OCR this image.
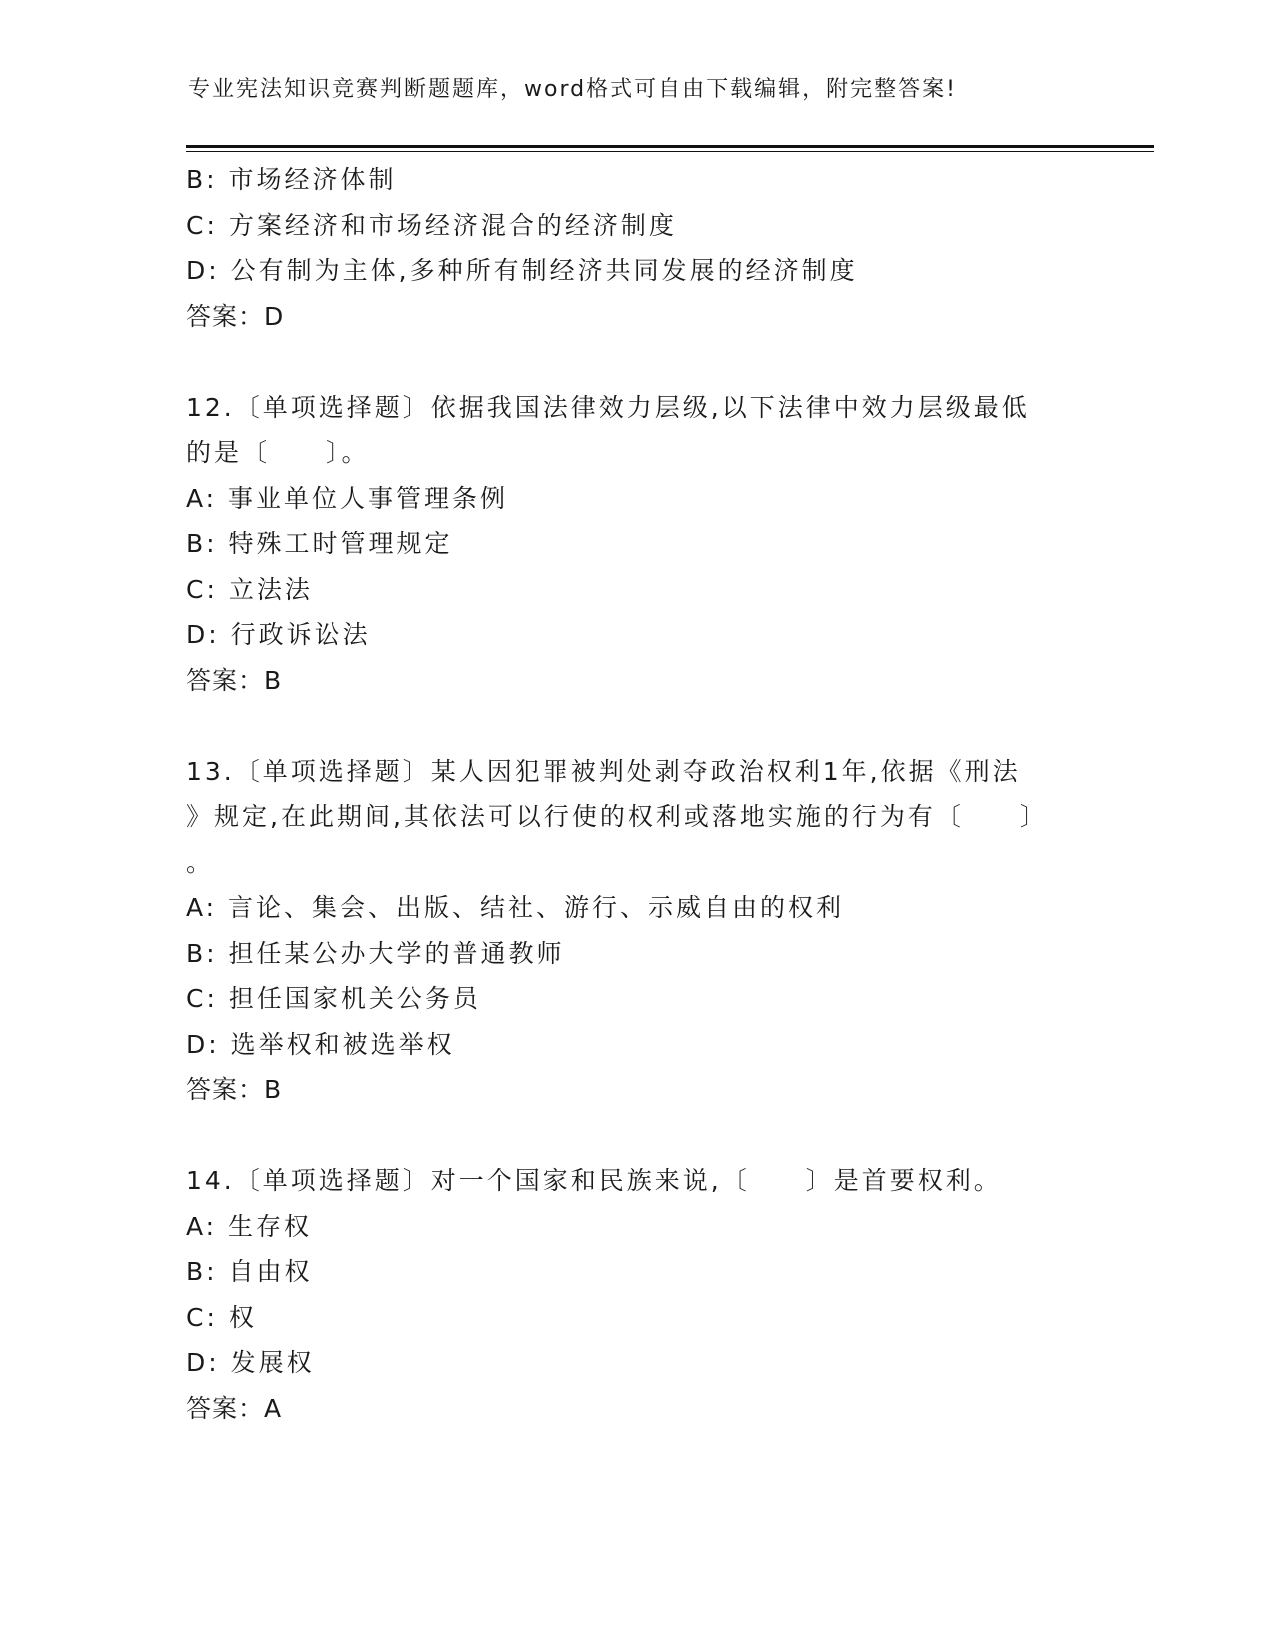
专业宪法知识竞赛判断题题库，word格式可自由下载编辑，附完整答案!
B: 市场经济体制
C: 方案经济和市场经济混合的经济制度
D: 公有制为主体,多种所有制经济共同发展的经济制度
答案：D
12.〔单项选择题〕依据我国法律效力层级,以下法律中效力层级最低
的是〔　　〕。
A: 事业单位人事管理条例
B: 特殊工时管理规定
C: 立法法
D: 行政诉讼法
答案：B
13.〔单项选择题〕某人因犯罪被判处剥夺政治权利1年,依据《刑法
》规定,在此期间,其依法可以行使的权利或落地实施的行为有〔　　〕
。
A: 言论、集会、出版、结社、游行、示威自由的权利
B: 担任某公办大学的普通教师
C: 担任国家机关公务员
D: 选举权和被选举权
答案：B
14.〔单项选择题〕对一个国家和民族来说,〔　　〕是首要权利。
A: 生存权
B: 自由权
C: 权
D: 发展权
答案：A
